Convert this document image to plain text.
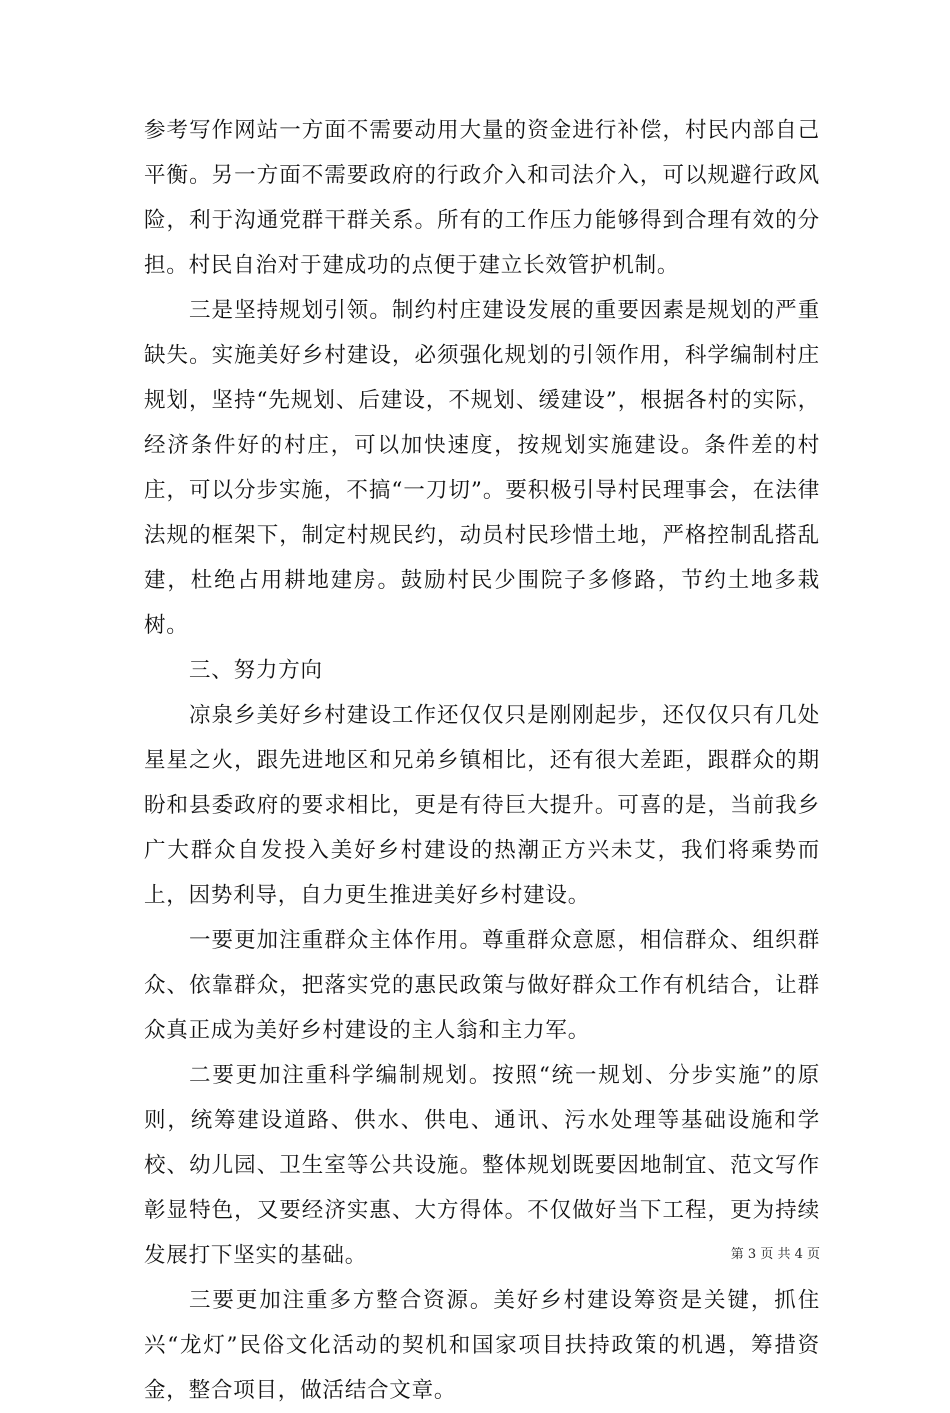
参考写作网站一方面不需要动用大量的资金进行补偿，村民内部自己平衡。另一方面不需要政府的行政介入和司法介入，可以规避行政风险，利于沟通党群干群关系。所有的工作压力能够得到合理有效的分担。村民自治对于建成功的点便于建立长效管护机制。

三是坚持规划引领。制约村庄建设发展的重要因素是规划的严重缺失。实施美好乡村建设，必须强化规划的引领作用，科学编制村庄规划，坚持“先规划、后建设，不规划、缓建设”，根据各村的实际，经济条件好的村庄，可以加快速度，按规划实施建设。条件差的村庄，可以分步实施，不搞“一刀切”。要积极引导村民理事会，在法律法规的框架下，制定村规民约，动员村民珍惜土地，严格控制乱搭乱建，杜绝占用耕地建房。鼓励村民少围院子多修路，节约土地多栽树。

三、努力方向

凉泉乡美好乡村建设工作还仅仅只是刚刚起步，还仅仅只有几处星星之火，跟先进地区和兄弟乡镇相比，还有很大差距，跟群众的期盼和县委政府的要求相比，更是有待巨大提升。可喜的是，当前我乡广大群众自发投入美好乡村建设的热潮正方兴未艾，我们将乘势而上，因势利导，自力更生推进美好乡村建设。

一要更加注重群众主体作用。尊重群众意愿，相信群众、组织群众、依靠群众，把落实党的惠民政策与做好群众工作有机结合，让群众真正成为美好乡村建设的主人翁和主力军。

二要更加注重科学编制规划。按照“统一规划、分步实施”的原则，统筹建设道路、供水、供电、通讯、污水处理等基础设施和学校、幼儿园、卫生室等公共设施。整体规划既要因地制宜、范文写作彰显特色，又要经济实惠、大方得体。不仅做好当下工程，更为持续发展打下坚实的基础。

三要更加注重多方整合资源。美好乡村建设筹资是关键，抓住兴“龙灯”民俗文化活动的契机和国家项目扶持政策的机遇，筹措资金，整合项目，做活结合文章。

第 3 页 共 4 页
